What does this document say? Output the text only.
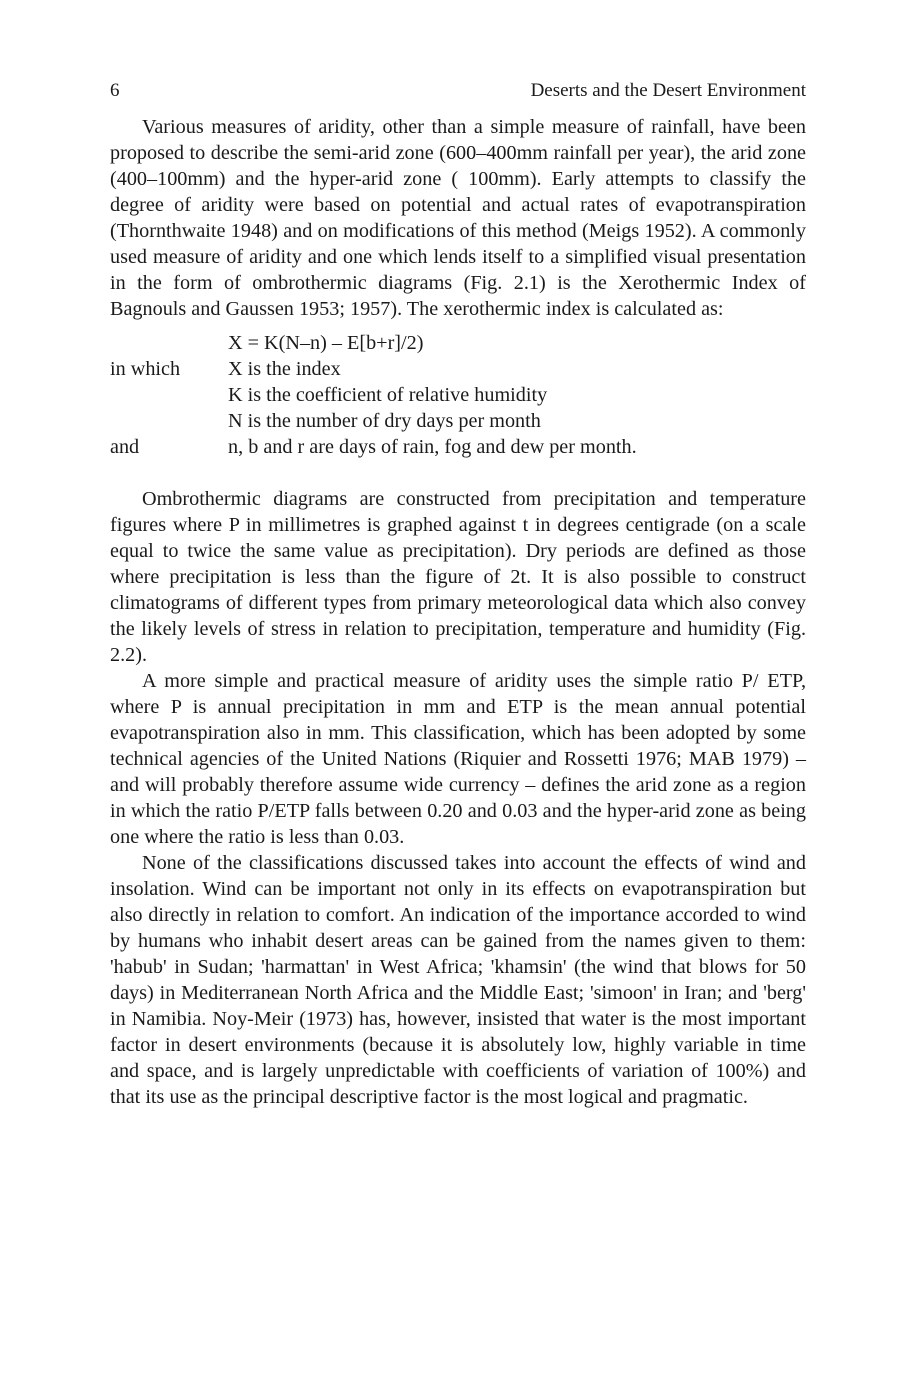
6	Deserts and the Desert Environment

Various measures of aridity, other than a simple measure of rainfall, have been proposed to describe the semi-arid zone (600–400mm rainfall per year), the arid zone (400–100mm) and the hyper-arid zone ( 100mm). Early attempts to classify the degree of aridity were based on potential and actual rates of evapotranspiration (Thornthwaite 1948) and on modifications of this method (Meigs 1952). A commonly used measure of aridity and one which lends itself to a simplified visual presentation in the form of ombrothermic diagrams (Fig. 2.1) is the Xerothermic Index of Bagnouls and Gaussen 1953; 1957). The xerothermic index is calculated as:

X = K(N–n) – E[b+r]/2)
in which	X is the index
K is the coefficient of relative humidity
N is the number of dry days per month
and	n, b and r are days of rain, fog and dew per month.

Ombrothermic diagrams are constructed from precipitation and temperature figures where P in millimetres is graphed against t in degrees centigrade (on a scale equal to twice the same value as precipitation). Dry periods are defined as those where precipitation is less than the figure of 2t. It is also possible to construct climatograms of different types from primary meteorological data which also convey the likely levels of stress in relation to precipitation, temperature and humidity (Fig. 2.2).

A more simple and practical measure of aridity uses the simple ratio P/ ETP, where P is annual precipitation in mm and ETP is the mean annual potential evapotranspiration also in mm. This classification, which has been adopted by some technical agencies of the United Nations (Riquier and Rossetti 1976; MAB 1979) – and will probably therefore assume wide currency – defines the arid zone as a region in which the ratio P/ETP falls between 0.20 and 0.03 and the hyper-arid zone as being one where the ratio is less than 0.03.

None of the classifications discussed takes into account the effects of wind and insolation. Wind can be important not only in its effects on evapotranspiration but also directly in relation to comfort. An indication of the importance accorded to wind by humans who inhabit desert areas can be gained from the names given to them: 'habub' in Sudan; 'harmattan' in West Africa; 'khamsin' (the wind that blows for 50 days) in Mediterranean North Africa and the Middle East; 'simoon' in Iran; and 'berg' in Namibia. Noy-Meir (1973) has, however, insisted that water is the most important factor in desert environments (because it is absolutely low, highly variable in time and space, and is largely unpredictable with coefficients of variation of 100%) and that its use as the principal descriptive factor is the most logical and pragmatic.
